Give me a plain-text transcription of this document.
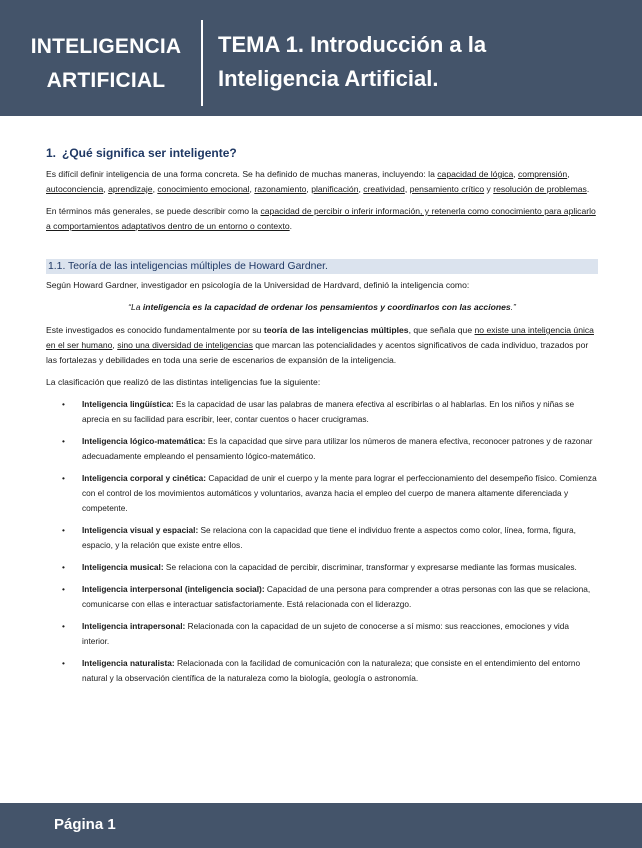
INTELIGENCIA
ARTIFICIAL
TEMA 1. Introducción a la
Inteligencia Artificial.
1. ¿Qué significa ser inteligente?

Es difícil definir inteligencia de una forma concreta. Se ha definido de muchas maneras, incluyendo: la capacidad de lógica, comprensión, autoconciencia, aprendizaje, conocimiento emocional, razonamiento, planificación, creatividad, pensamiento crítico y resolución de problemas.

En términos más generales, se puede describir como la capacidad de percibir o inferir información, y retenerla como conocimiento para aplicarlo a comportamientos adaptativos dentro de un entorno o contexto.

1.1. Teoría de las inteligencias múltiples de Howard Gardner.

Según Howard Gardner, investigador en psicología de la Universidad de Hardvard, definió la inteligencia como:

“La inteligencia es la capacidad de ordenar los pensamientos y coordinarlos con las acciones.”

Este investigados es conocido fundamentalmente por su teoría de las inteligencias múltiples, que señala que no existe una inteligencia única en el ser humano, sino una diversidad de inteligencias que marcan las potencialidades y acentos significativos de cada individuo, trazados por las fortalezas y debilidades en toda una serie de escenarios de expansión de la inteligencia.

La clasificación que realizó de las distintas inteligencias fue la siguiente:

• Inteligencia lingüística: Es la capacidad de usar las palabras de manera efectiva al escribirlas o al hablarlas. En los niños y niñas se aprecia en su facilidad para escribir, leer, contar cuentos o hacer crucigramas.
• Inteligencia lógico-matemática: Es la capacidad que sirve para utilizar los números de manera efectiva, reconocer patrones y de razonar adecuadamente empleando el pensamiento lógico-matemático.
• Inteligencia corporal y cinética: Capacidad de unir el cuerpo y la mente para lograr el perfeccionamiento del desempeño físico. Comienza con el control de los movimientos automáticos y voluntarios, avanza hacia el empleo del cuerpo de manera altamente diferenciada y competente.
• Inteligencia visual y espacial: Se relaciona con la capacidad que tiene el individuo frente a aspectos como color, línea, forma, figura, espacio, y la relación que existe entre ellos.
• Inteligencia musical: Se relaciona con la capacidad de percibir, discriminar, transformar y expresarse mediante las formas musicales.
• Inteligencia interpersonal (inteligencia social): Capacidad de una persona para comprender a otras personas con las que se relaciona, comunicarse con ellas e interactuar satisfactoriamente. Está relacionada con el liderazgo.
• Inteligencia intrapersonal: Relacionada con la capacidad de un sujeto de conocerse a sí mismo: sus reacciones, emociones y vida interior.
• Inteligencia naturalista: Relacionada con la facilidad de comunicación con la naturaleza; que consiste en el entendimiento del entorno natural y la observación científica de la naturaleza como la biología, geología o astronomía.
Página 1
